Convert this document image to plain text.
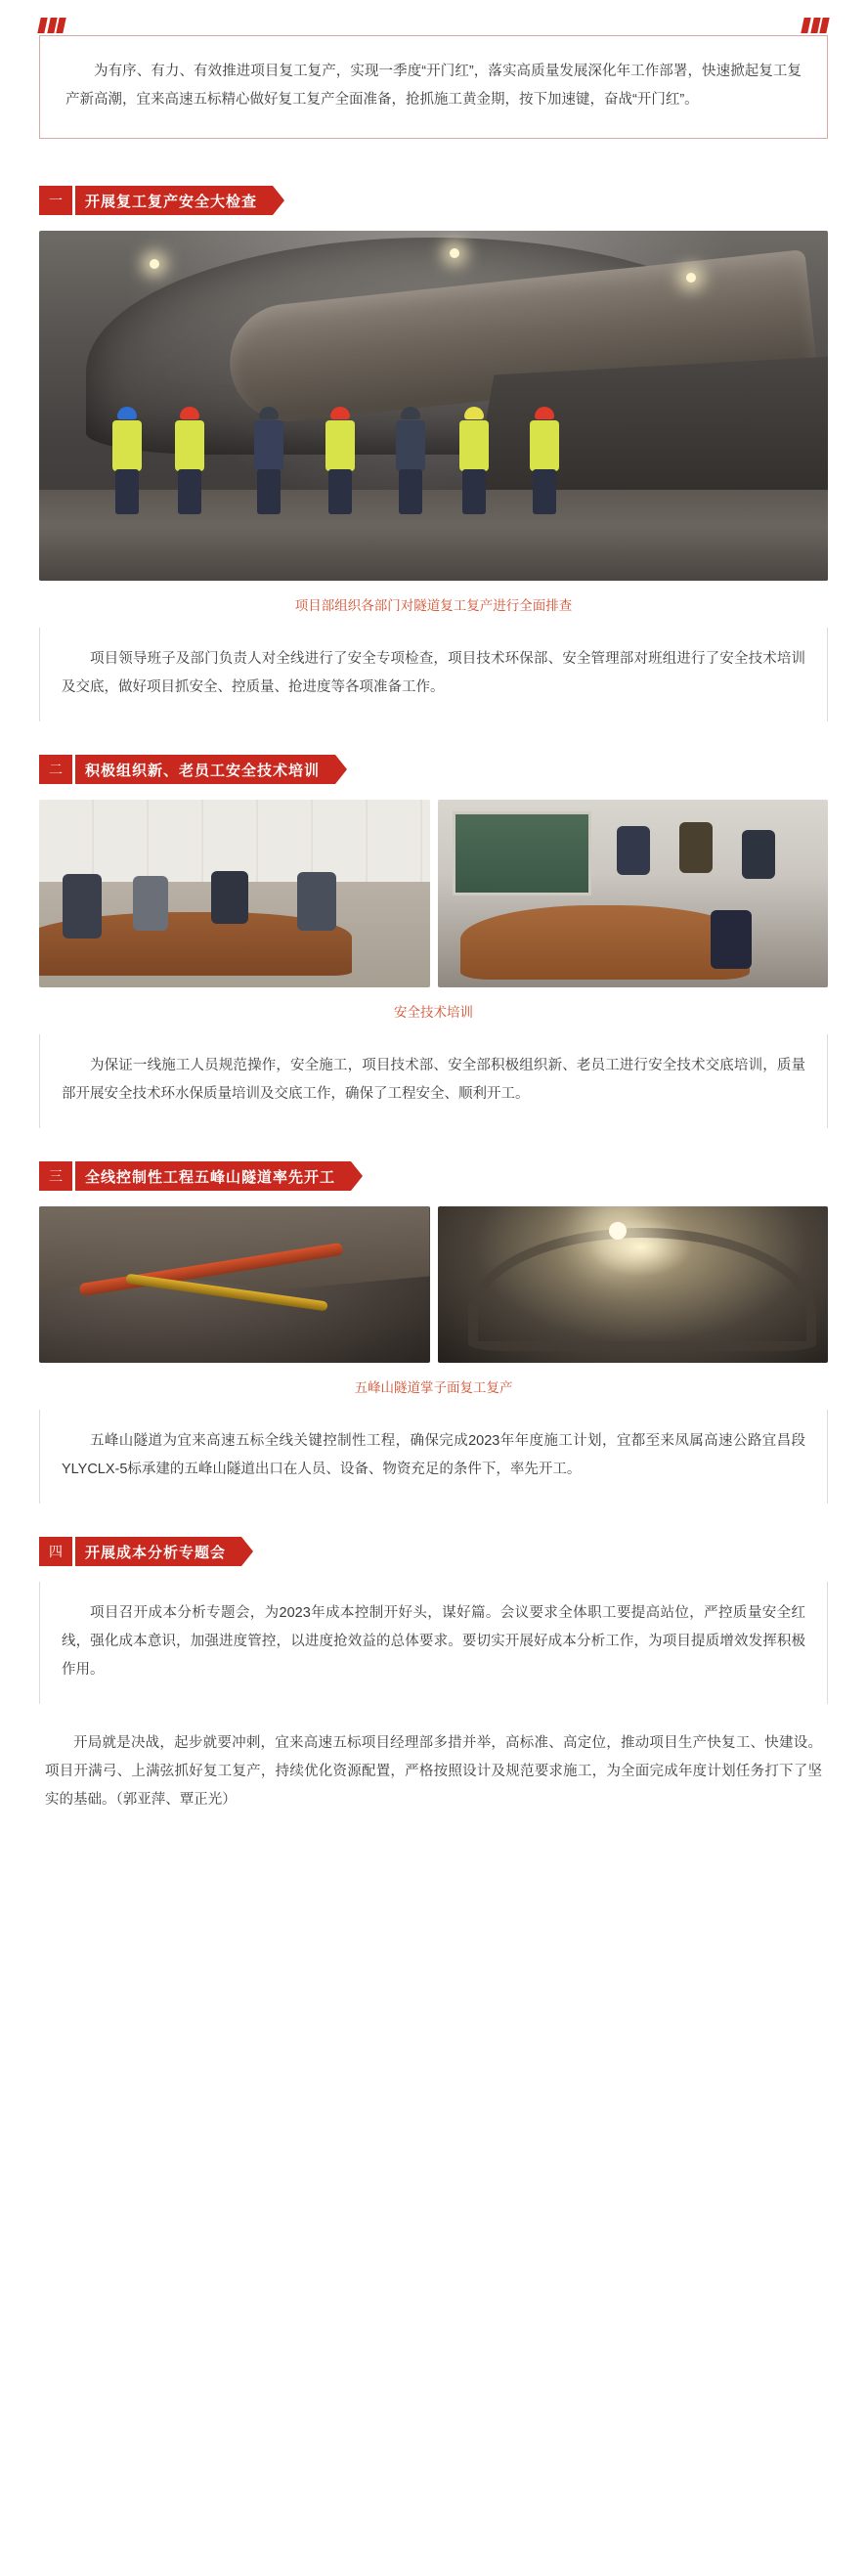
为有序、有力、有效推进项目复工复产，实现一季度“开门红”，落实高质量发展深化年工作部署，快速掀起复工复产新高潮，宜来高速五标精心做好复工复产全面准备，抢抓施工黄金期，按下加速键，奋战“开门红”。

一	开展复工复产安全大检查
项目部组织各部门对隧道复工复产进行全面排查

项目领导班子及部门负责人对全线进行了安全专项检查，项目技术环保部、安全管理部对班组进行了安全技术培训及交底，做好项目抓安全、控质量、抢进度等各项准备工作。

二	积极组织新、老员工安全技术培训
安全技术培训

为保证一线施工人员规范操作，安全施工，项目技术部、安全部积极组织新、老员工进行安全技术交底培训，质量部开展安全技术环水保质量培训及交底工作，确保了工程安全、顺利开工。

三	全线控制性工程五峰山隧道率先开工
五峰山隧道掌子面复工复产

五峰山隧道为宜来高速五标全线关键控制性工程，确保完成2023年年度施工计划，宜都至来凤属高速公路宜昌段YLYCLX-5标承建的五峰山隧道出口在人员、设备、物资充足的条件下，率先开工。

四	开展成本分析专题会

项目召开成本分析专题会，为2023年成本控制开好头，谋好篇。会议要求全体职工要提高站位，严控质量安全红线，强化成本意识，加强进度管控，以进度抢效益的总体要求。要切实开展好成本分析工作，为项目提质增效发挥积极作用。

开局就是决战，起步就要冲刺，宜来高速五标项目经理部多措并举，高标准、高定位，推动项目生产快复工、快建设。项目开满弓、上满弦抓好复工复产，持续优化资源配置，严格按照设计及规范要求施工，为全面完成年度计划任务打下了坚实的基础。（郭亚萍、覃正光）
